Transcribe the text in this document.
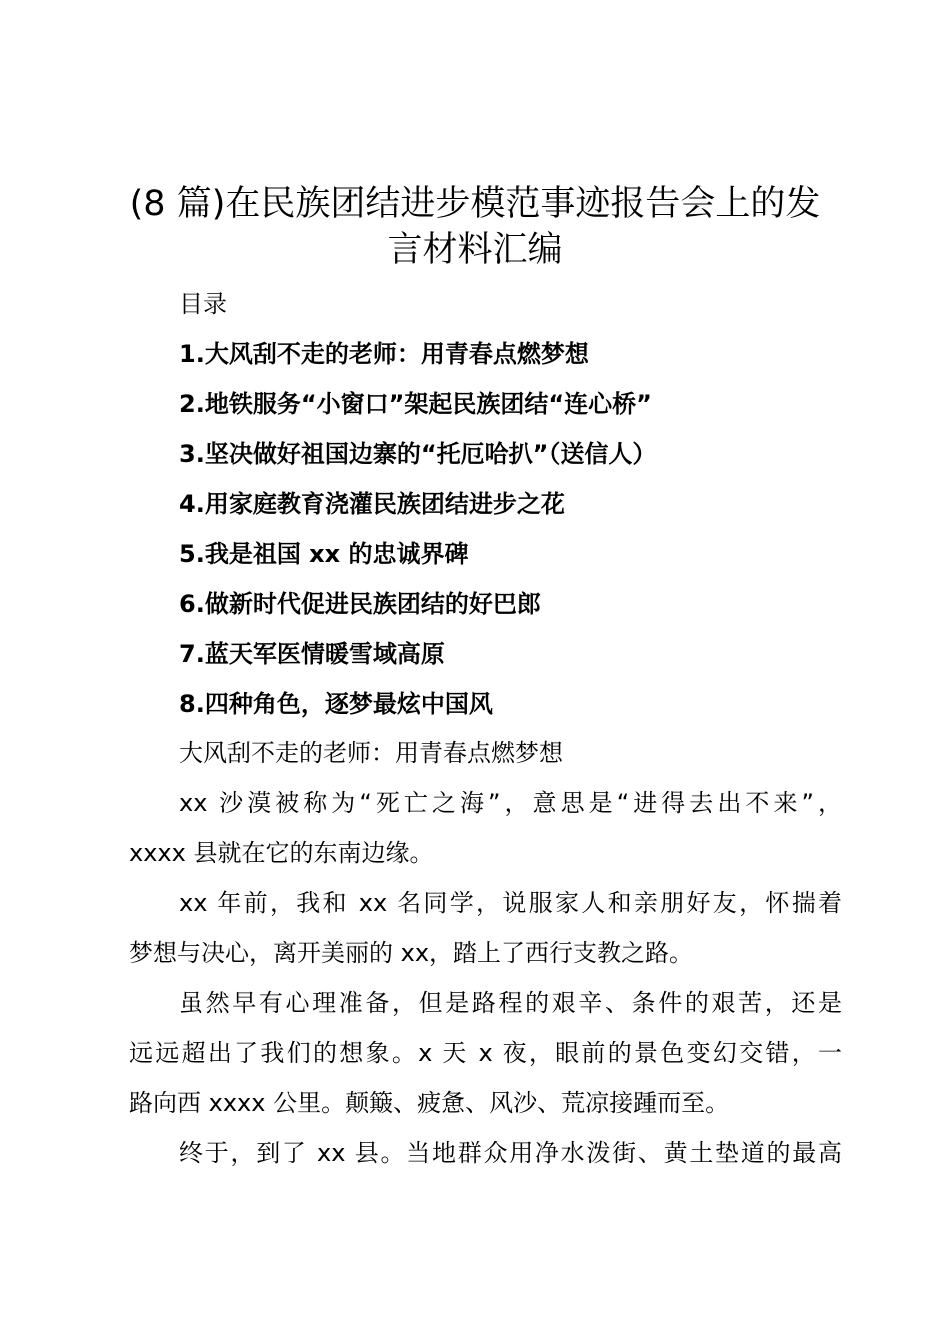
(8 篇)在民族团结进步模范事迹报告会上的发
言材料汇编
目录
1.大风刮不走的老师：用青春点燃梦想
2.地铁服务“小窗口”架起民族团结“连心桥”
3.坚决做好祖国边寨的“托厄哈扒”（送信人）
4.用家庭教育浇灌民族团结进步之花
5.我是祖国 xx 的忠诚界碑
6.做新时代促进民族团结的好巴郎
7.蓝天军医情暖雪域高原
8.四种角色，逐梦最炫中国风
大风刮不走的老师：用青春点燃梦想
xx 沙漠被称为“死亡之海”，意思是“进得去出不来”，
xxxx 县就在它的东南边缘。
xx 年前，我和 xx 名同学，说服家人和亲朋好友，怀揣着
梦想与决心，离开美丽的 xx，踏上了西行支教之路。
虽然早有心理准备，但是路程的艰辛、条件的艰苦，还是
远远超出了我们的想象。x 天 x 夜，眼前的景色变幻交错，一
路向西 xxxx 公里。颠簸、疲惫、风沙、荒凉接踵而至。
终于，到了 xx 县。当地群众用净水泼街、黄土垫道的最高
